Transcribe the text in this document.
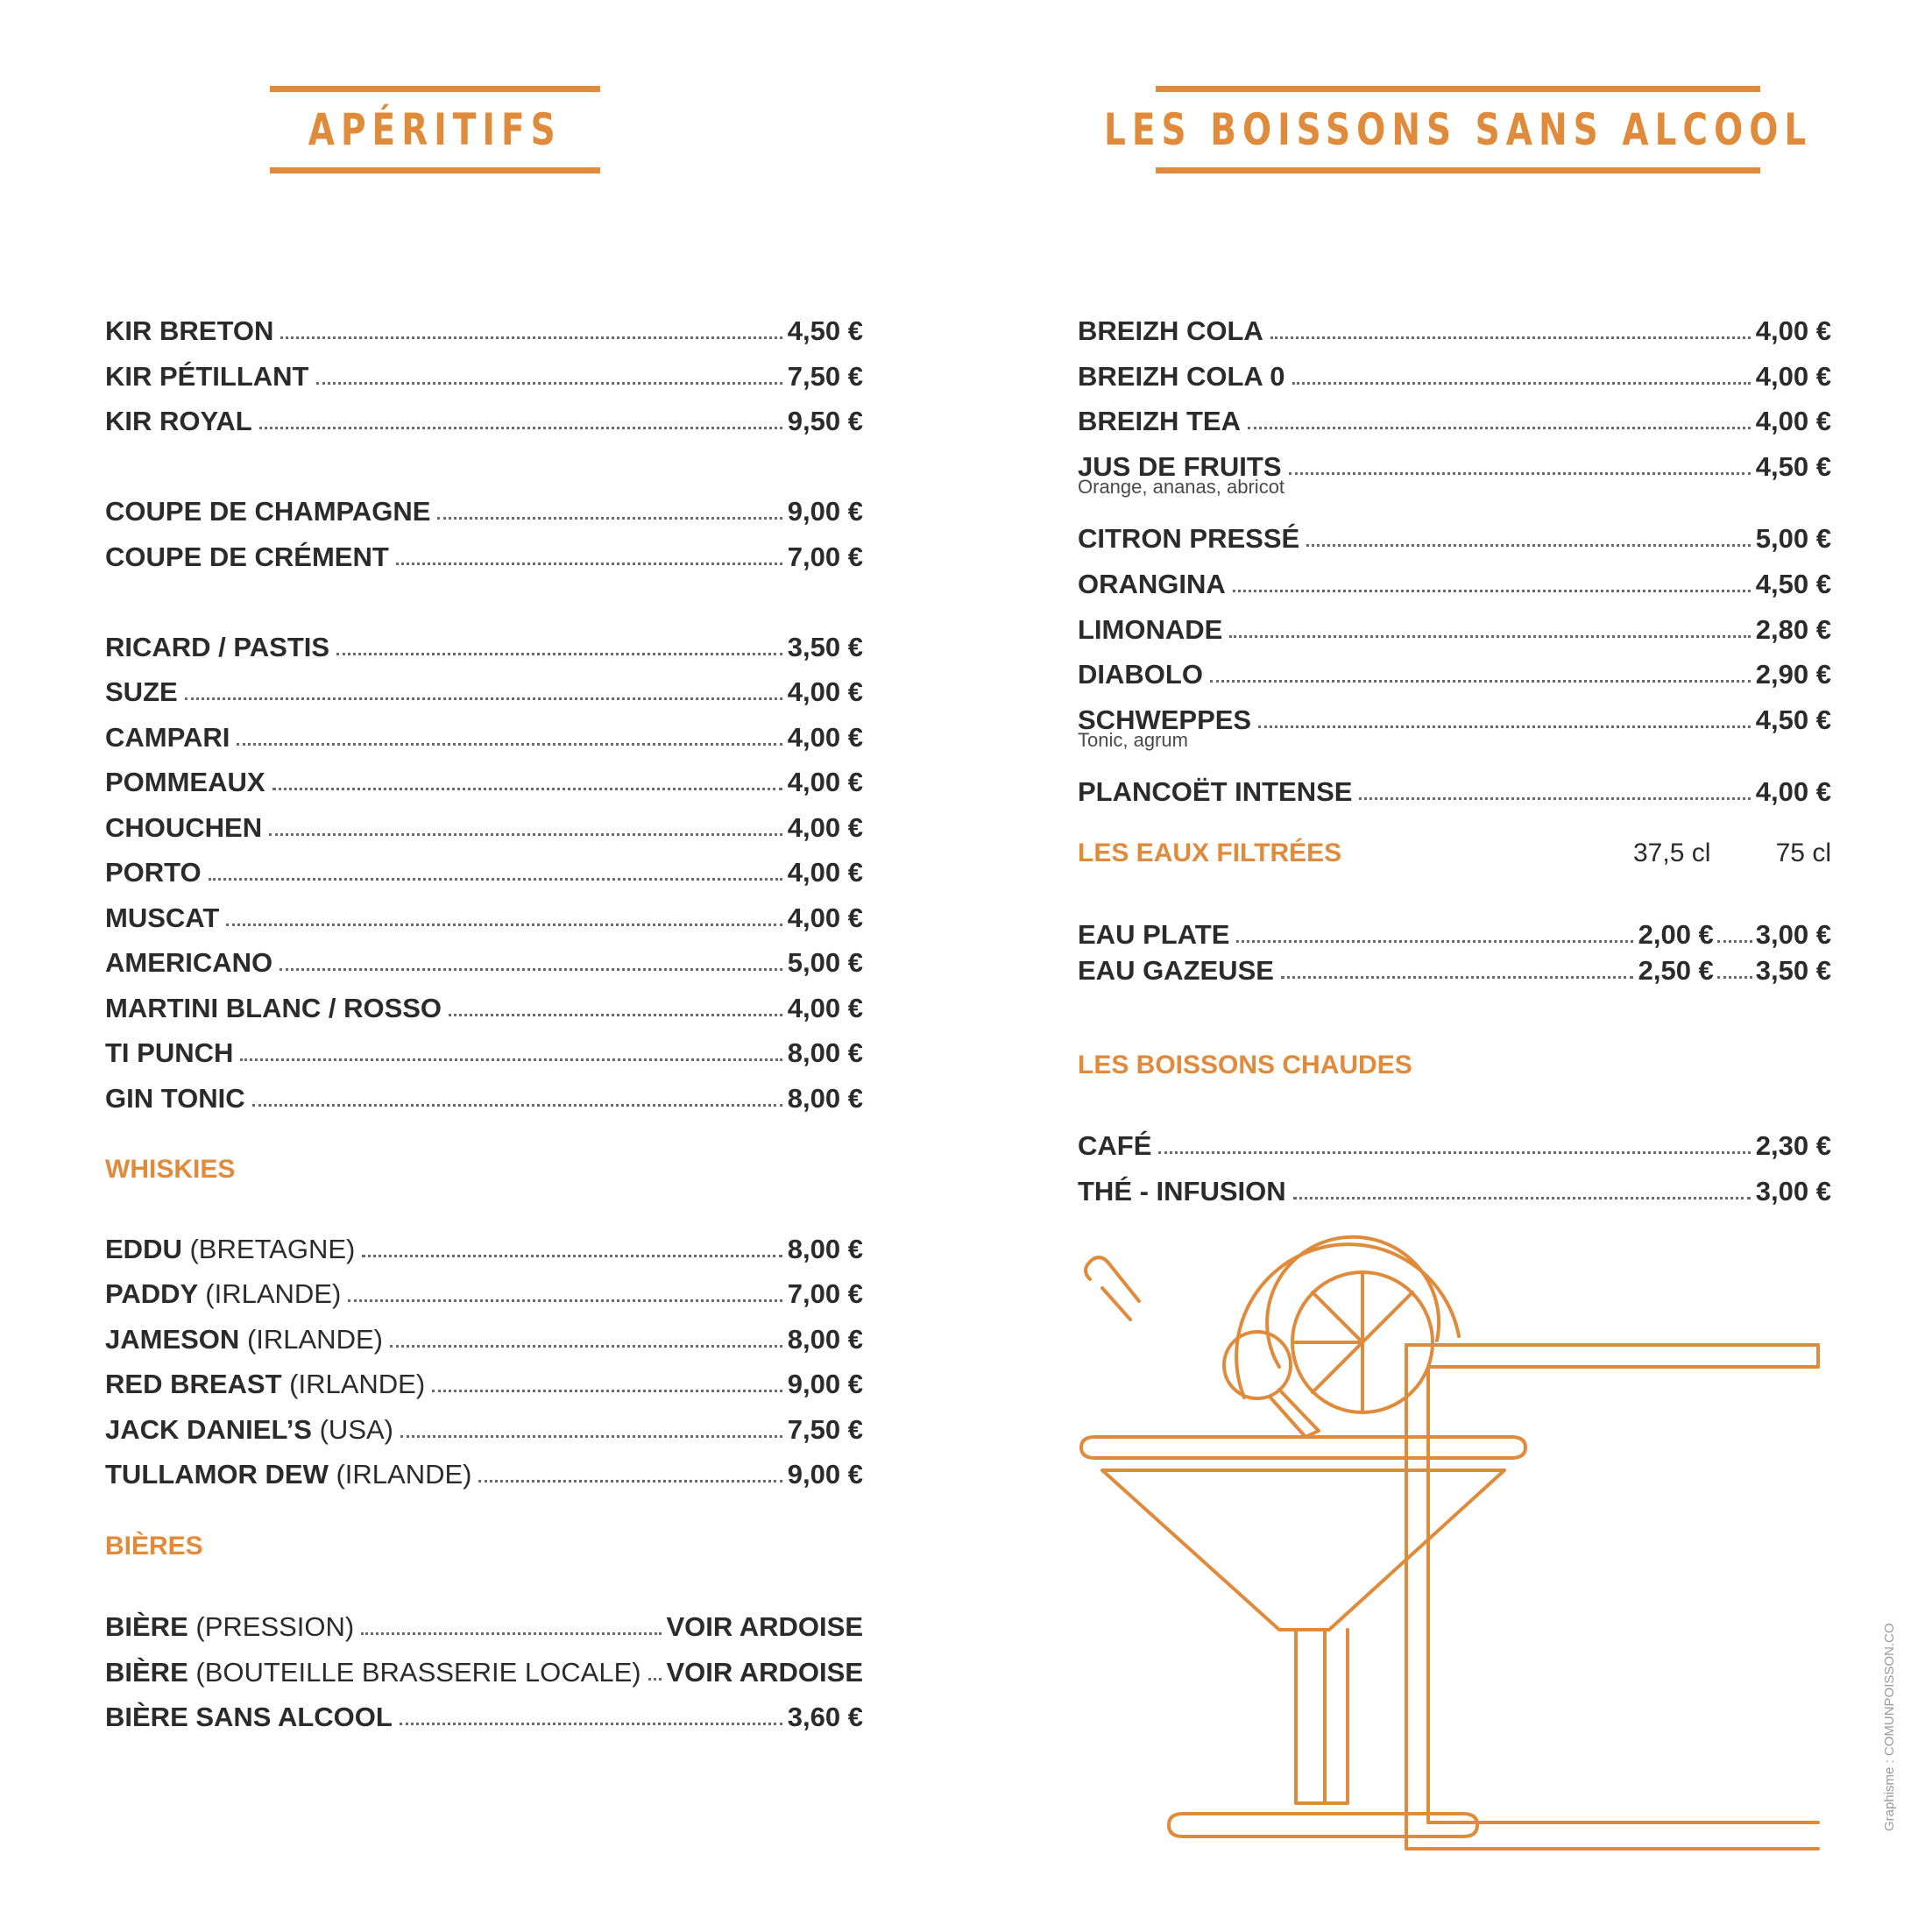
APÉRITIFS	LES BOISSONS SANS ALCOOL
KIR BRETON	4,50 €
KIR PÉTILLANT	7,50 €
KIR ROYAL	9,50 €
COUPE DE CHAMPAGNE	9,00 €
COUPE DE CRÉMENT	7,00 €
RICARD / PASTIS	3,50 €
SUZE	4,00 €
CAMPARI	4,00 €
POMMEAUX	4,00 €
CHOUCHEN	4,00 €
PORTO	4,00 €
MUSCAT	4,00 €
AMERICANO	5,00 €
MARTINI BLANC / ROSSO	4,00 €
TI PUNCH	8,00 €
GIN TONIC	8,00 €
WHISKIES
EDDU (BRETAGNE)	8,00 €
PADDY (IRLANDE)	7,00 €
JAMESON (IRLANDE)	8,00 €
RED BREAST (IRLANDE)	9,00 €
JACK DANIEL’S (USA)	7,50 €
TULLAMOR DEW (IRLANDE)	9,00 €
BIÈRES
BIÈRE (PRESSION)	VOIR ARDOISE
BIÈRE (BOUTEILLE BRASSERIE LOCALE) VOIR ARDOISE
BIÈRE SANS ALCOOL	3,60 €
BREIZH COLA	4,00 €
BREIZH COLA 0	4,00 €
BREIZH TEA	4,00 €
JUS DE FRUITS	4,50 €
Orange, ananas, abricot
CITRON PRESSÉ	5,00 €
ORANGINA	4,50 €
LIMONADE	2,80 €
DIABOLO	2,90 €
SCHWEPPES	4,50 €
Tonic, agrum
PLANCOËT INTENSE	4,00 €
LES EAUX FILTRÉES	37,5 cl 75 cl
EAU PLATE	2,00 € 3,00 €
EAU GAZEUSE	2,50 € 3,50 €
LES BOISSONS CHAUDES
CAFÉ	2,30 €
THÉ - INFUSION	3,00 €
Graphisme : COMUNPOISSON.CO
